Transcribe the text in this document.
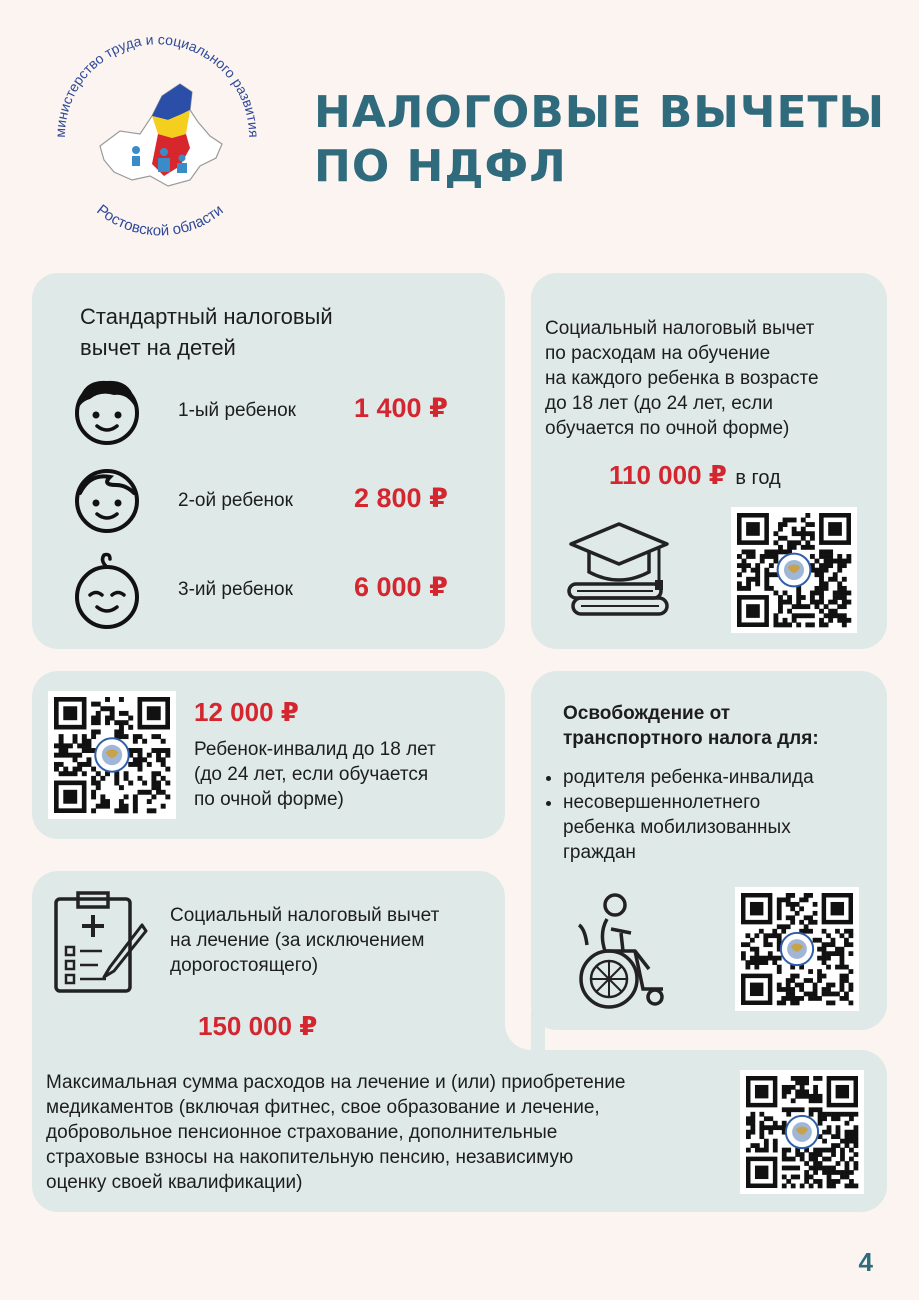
министерство труда и социального развития
Ростовской области
НАЛОГОВЫЕ ВЫЧЕТЫ
ПО НДФЛ
Стандартный налоговый
вычет на детей
1-ый ребенок 1 400 ₽
2-ой ребенок 2 800 ₽
3-ий ребенок 6 000 ₽
Социальный налоговый вычет
по расходам на обучение
на каждого ребенка в возрасте
до 18 лет (до 24 лет, если
обучается по очной форме)
110 000 ₽ в год
12 000 ₽
Ребенок-инвалид до 18 лет
(до 24 лет, если обучается
по очной форме)
Освобождение от
транспортного налога для:
• родителя ребенка-инвалида
• несовершеннолетнего
ребенка мобилизованных
граждан
Социальный налоговый вычет
на лечение (за исключением
дорогостоящего)
150 000 ₽
Максимальная сумма расходов на лечение и (или) приобретение
медикаментов (включая фитнес, свое образование и лечение,
добровольное пенсионное страхование, дополнительные
страховые взносы на накопительную пенсию, независимую
оценку своей квалификации)
4
